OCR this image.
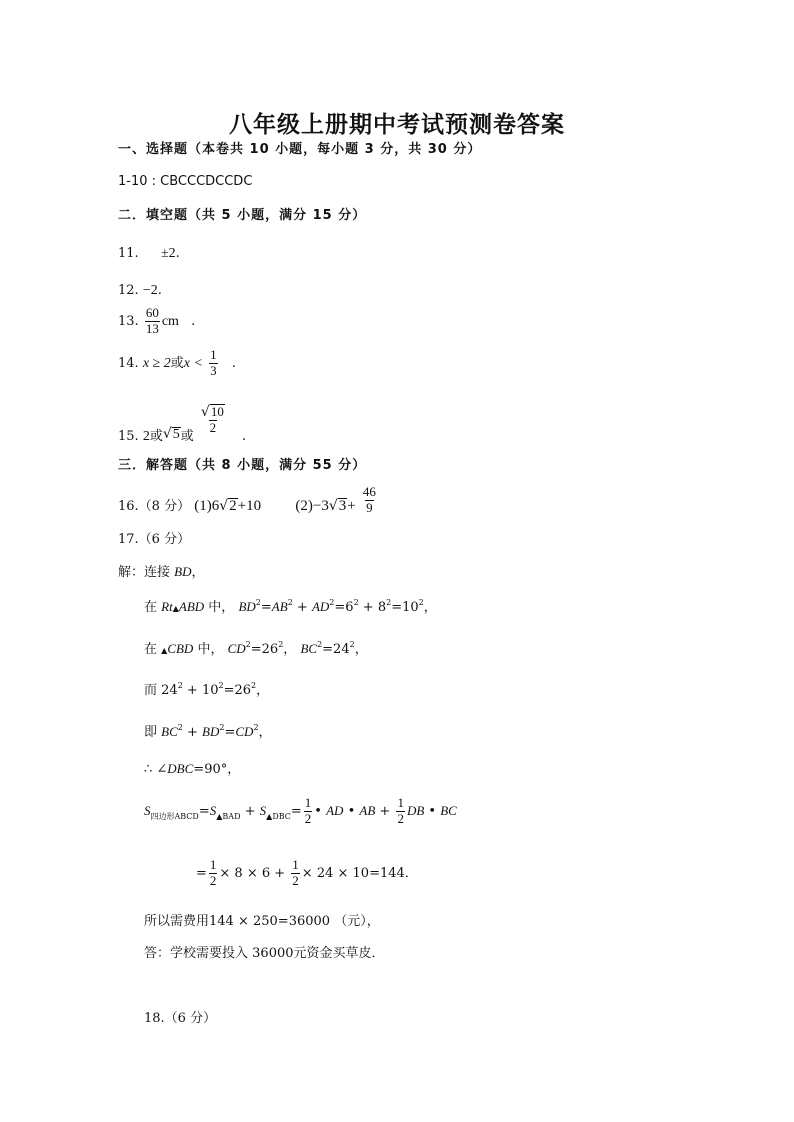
八年级上册期中考试预测卷答案
一、选择题（本卷共 10 小题，每小题 3 分，共 30 分）
1-10 : CBCCCDCCDC
二．填空题（共 5 小题，满分 15 分）
11. ±2.
12. −2.
13. $\frac{60}{13}$ cm .
14. x ≥ 2或$x < \frac{1}{3}$ .
15. 2或√5或 $\frac{√10}{2}$ .
三．解答题（共 8 小题，满分 55 分）
16.（8 分） (1)6√2+10 $(2)-3√3+ \frac{46}{9}$
17.（6 分）
解：连接 BD，
在 Rt▲ABD 中， $BD^2=AB^2 + AD^2=6^2 + 8^2=10^2$，
在 ▲CBD 中， $CD^2=26^2$， $BC^2=24^2$，
而 $24^2 + 10^2=26^2$，
即 $BC^2 + BD^2=CD^2$，
∴ ∠DBC=90°，
$S_{四边形ABCD}=S_{▲BAD} + S_{▲DBC}= \frac{1}{2}$ • AD • AB + $\frac{1}{2}$ DB • BC
= $\frac{1}{2} \times 8 \times 6 + \frac{1}{2} \times 24 \times 10=144$．
所以需费用144 × 250=36000 （元），
答：学校需要投入 36000元资金买草皮．
18.（6 分）
